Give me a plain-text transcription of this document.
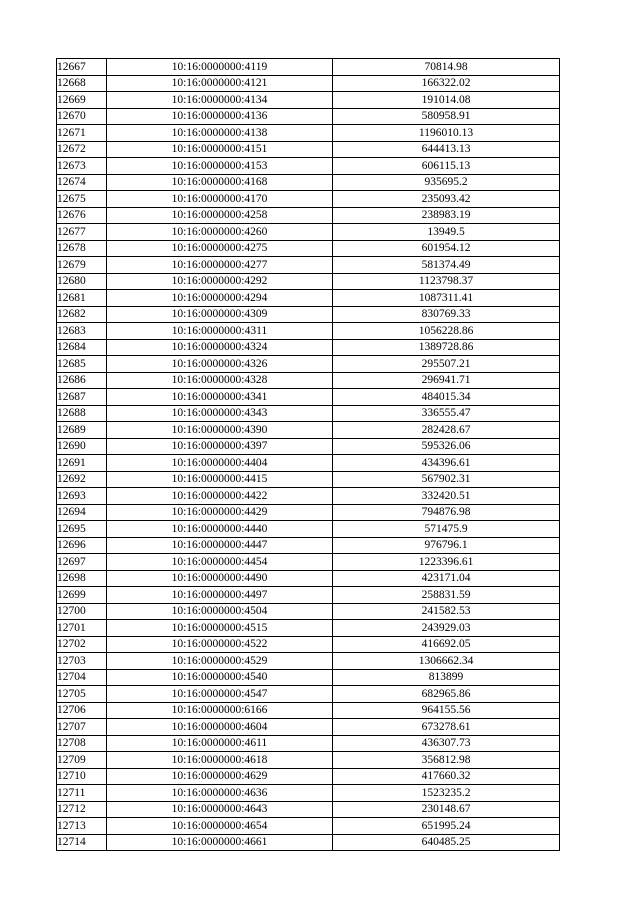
12667	10:16:0000000:4119	70814.98
12668	10:16:0000000:4121	166322.02
12669	10:16:0000000:4134	191014.08
12670	10:16:0000000:4136	580958.91
12671	10:16:0000000:4138	1196010.13
12672	10:16:0000000:4151	644413.13
12673	10:16:0000000:4153	606115.13
12674	10:16:0000000:4168	935695.2
12675	10:16:0000000:4170	235093.42
12676	10:16:0000000:4258	238983.19
12677	10:16:0000000:4260	13949.5
12678	10:16:0000000:4275	601954.12
12679	10:16:0000000:4277	581374.49
12680	10:16:0000000:4292	1123798.37
12681	10:16:0000000:4294	1087311.41
12682	10:16:0000000:4309	830769.33
12683	10:16:0000000:4311	1056228.86
12684	10:16:0000000:4324	1389728.86
12685	10:16:0000000:4326	295507.21
12686	10:16:0000000:4328	296941.71
12687	10:16:0000000:4341	484015.34
12688	10:16:0000000:4343	336555.47
12689	10:16:0000000:4390	282428.67
12690	10:16:0000000:4397	595326.06
12691	10:16:0000000:4404	434396.61
12692	10:16:0000000:4415	567902.31
12693	10:16:0000000:4422	332420.51
12694	10:16:0000000:4429	794876.98
12695	10:16:0000000:4440	571475.9
12696	10:16:0000000:4447	976796.1
12697	10:16:0000000:4454	1223396.61
12698	10:16:0000000:4490	423171.04
12699	10:16:0000000:4497	258831.59
12700	10:16:0000000:4504	241582.53
12701	10:16:0000000:4515	243929.03
12702	10:16:0000000:4522	416692.05
12703	10:16:0000000:4529	1306662.34
12704	10:16:0000000:4540	813899
12705	10:16:0000000:4547	682965.86
12706	10:16:0000000:6166	964155.56
12707	10:16:0000000:4604	673278.61
12708	10:16:0000000:4611	436307.73
12709	10:16:0000000:4618	356812.98
12710	10:16:0000000:4629	417660.32
12711	10:16:0000000:4636	1523235.2
12712	10:16:0000000:4643	230148.67
12713	10:16:0000000:4654	651995.24
12714	10:16:0000000:4661	640485.25
